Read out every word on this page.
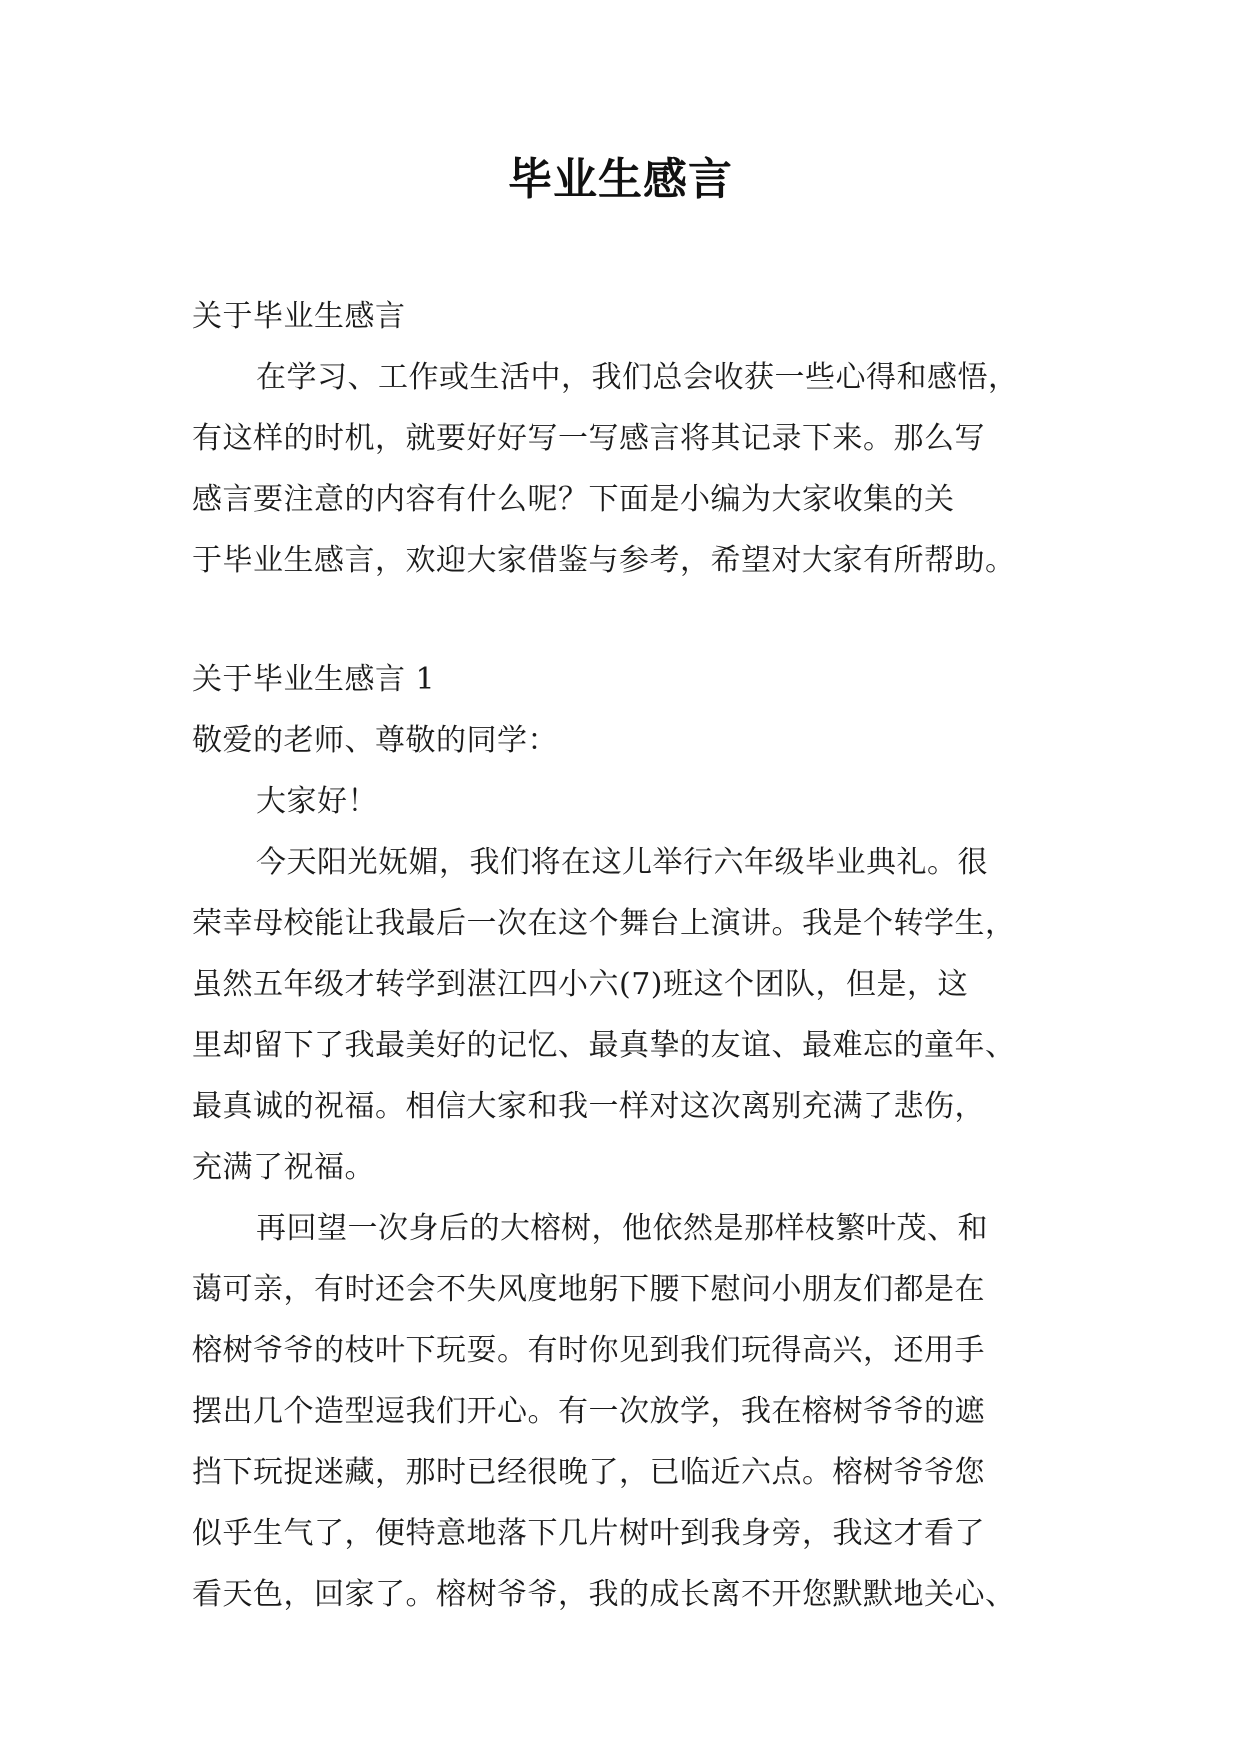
毕业生感言

关于毕业生感言

在学习、工作或生活中，我们总会收获一些心得和感悟，

有这样的时机，就要好好写一写感言将其记录下来。那么写

感言要注意的内容有什么呢？下面是小编为大家收集的关

于毕业生感言，欢迎大家借鉴与参考，希望对大家有所帮助。

关于毕业生感言 1

敬爱的老师、尊敬的同学：

大家好！

今天阳光妩媚，我们将在这儿举行六年级毕业典礼。很

荣幸母校能让我最后一次在这个舞台上演讲。我是个转学生，

虽然五年级才转学到湛江四小六(7)班这个团队，但是，这

里却留下了我最美好的记忆、最真挚的友谊、最难忘的童年、

最真诚的祝福。相信大家和我一样对这次离别充满了悲伤，

充满了祝福。

再回望一次身后的大榕树，他依然是那样枝繁叶茂、和

蔼可亲，有时还会不失风度地躬下腰下慰问小朋友们都是在

榕树爷爷的枝叶下玩耍。有时你见到我们玩得高兴，还用手

摆出几个造型逗我们开心。有一次放学，我在榕树爷爷的遮

挡下玩捉迷藏，那时已经很晚了，已临近六点。榕树爷爷您

似乎生气了，便特意地落下几片树叶到我身旁，我这才看了

看天色，回家了。榕树爷爷，我的成长离不开您默默地关心、
